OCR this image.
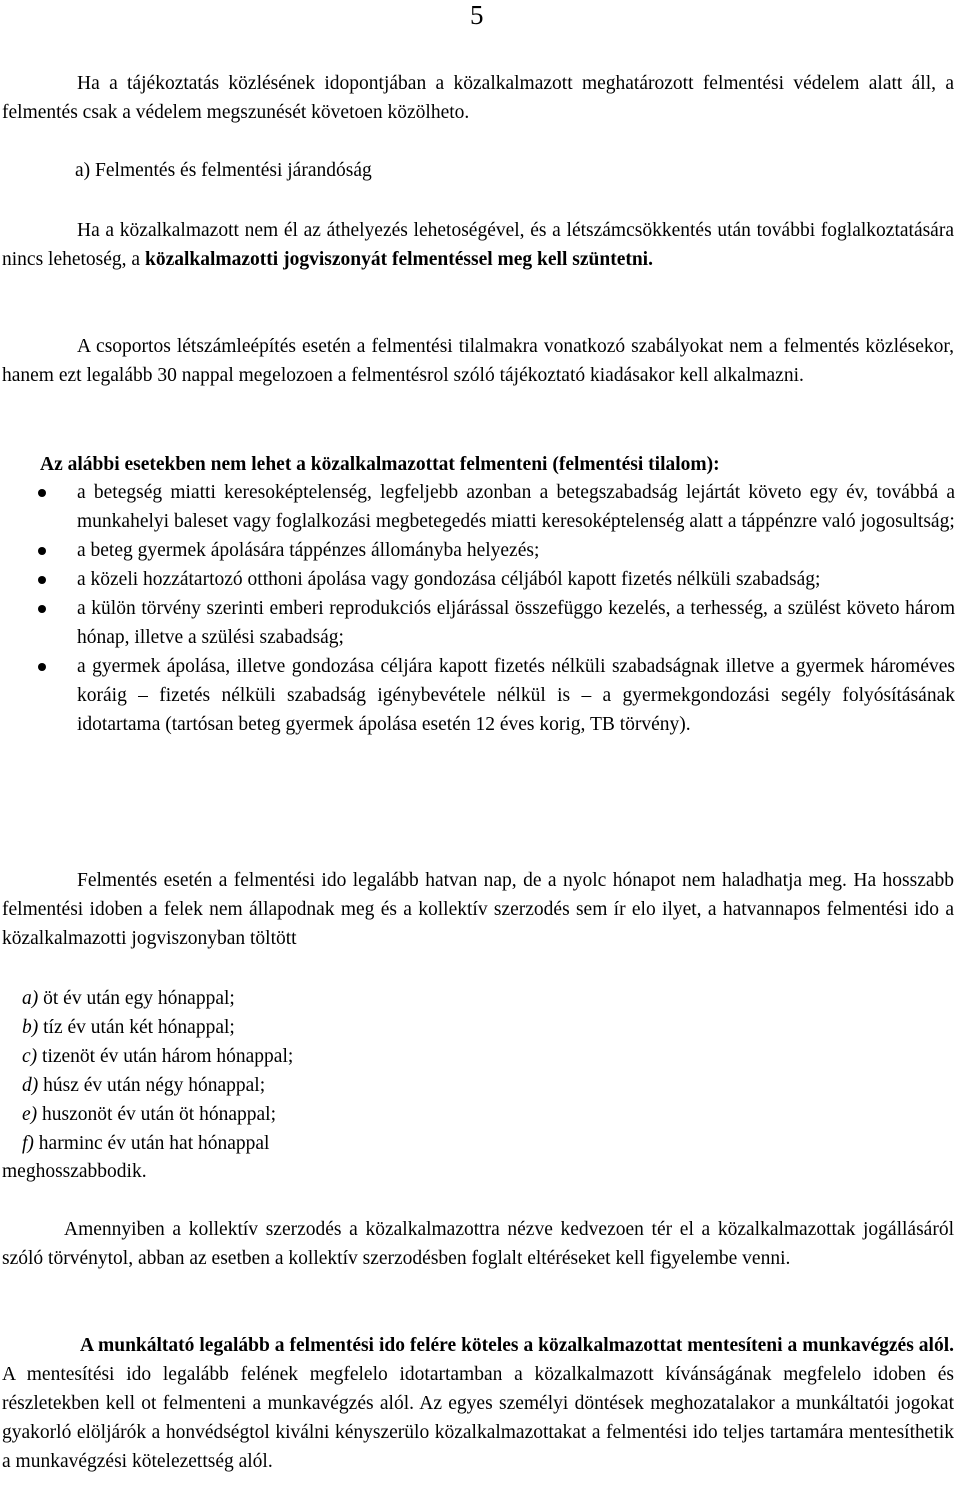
5

Ha a tájékoztatás közlésének idopontjában a közalkalmazott meghatározott felmentési védelem alatt áll, a felmentés csak a védelem megszunését követoen közölheto.

a) Felmentés és felmentési járandóság

Ha a közalkalmazott nem él az áthelyezés lehetoségével, és a létszámcsökkentés után további foglalkoztatására nincs lehetoség, a közalkalmazotti jogviszonyát felmentéssel meg kell szüntetni.

A csoportos létszámleépítés esetén a felmentési tilalmakra vonatkozó szabályokat nem a felmentés közlésekor, hanem ezt legalább 30 nappal megelozoen a felmentésrol szóló tájékoztató kiadásakor kell alkalmazni.

Az alábbi esetekben nem lehet a közalkalmazottat felmenteni (felmentési tilalom):

a betegség miatti keresoképtelenség, legfeljebb azonban a betegszabadság lejártát követo egy év, továbbá a munkahelyi baleset vagy foglalkozási megbetegedés miatti keresoképtelenség alatt a táppénzre való jogosultság;
a beteg gyermek ápolására táppénzes állományba helyezés;
a közeli hozzátartozó otthoni ápolása vagy gondozása céljából kapott fizetés nélküli szabadság;
a külön törvény szerinti emberi reprodukciós eljárással összefüggo kezelés, a terhesség, a szülést követo három hónap, illetve a szülési szabadság;
a gyermek ápolása, illetve gondozása céljára kapott fizetés nélküli szabadságnak illetve a gyermek hároméves koráig – fizetés nélküli szabadság igénybevétele nélkül is – a gyermekgondozási segély folyósításának idotartama (tartósan beteg gyermek ápolása esetén 12 éves korig, TB törvény).

Felmentés esetén a felmentési ido legalább hatvan nap, de a nyolc hónapot nem haladhatja meg. Ha hosszabb felmentési idoben a felek nem állapodnak meg és a kollektív szerzodés sem ír elo ilyet, a hatvannapos felmentési ido a közalkalmazotti jogviszonyban töltött

a) öt év után egy hónappal;
b) tíz év után két hónappal;
c) tizenöt év után három hónappal;
d) húsz év után négy hónappal;
e) huszonöt év után öt hónappal;
f) harminc év után hat hónappal

meghosszabbodik.

Amennyiben a kollektív szerzodés a közalkalmazottra nézve kedvezoen tér el a közalkalmazottak jogállásáról szóló törvénytol, abban az esetben a kollektív szerzodésben foglalt eltéréseket kell figyelembe venni.

A munkáltató legalább a felmentési ido felére köteles a közalkalmazottat mentesíteni a munkavégzés alól. A mentesítési ido legalább felének megfelelo idotartamban a közalkalmazott kívánságának megfelelo idoben és részletekben kell ot felmenteni a munkavégzés alól. Az egyes személyi döntések meghozatalakor a munkáltatói jogokat gyakorló elöljárók a honvédségtol kiválni kényszerülo közalkalmazottakat a felmentési ido teljes tartamára mentesíthetik a munkavégzési kötelezettség alól.
